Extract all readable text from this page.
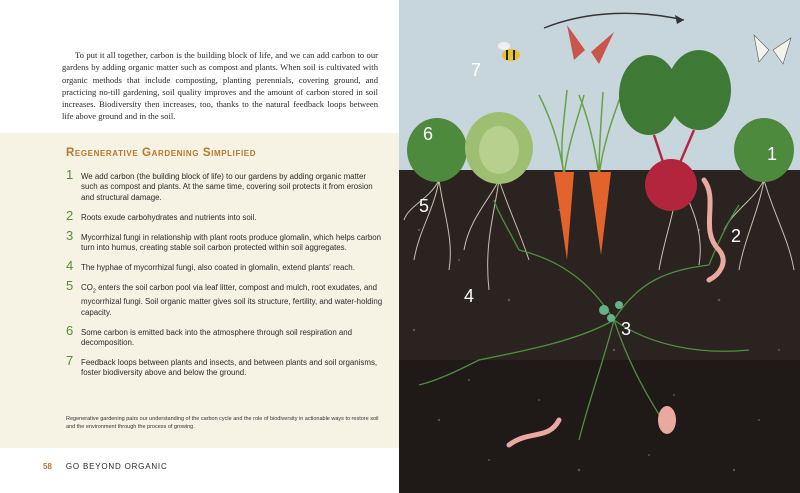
To put it all together, carbon is the building block of life, and we can add carbon to our gardens by adding organic matter such as compost and plants. When soil is cultivated with organic methods that include composting, planting perennials, covering ground, and practicing no-till gardening, soil quality improves and the amount of carbon stored in soil increases. Biodiversity then increases, too, thanks to the natural feedback loops between life above ground and in the soil.

Regenerative Gardening Simplified
1 We add carbon (the building block of life) to our gardens by adding organic matter such as compost and plants. At the same time, covering soil protects it from erosion and structural damage.
2 Roots exude carbohydrates and nutrients into soil.
3 Mycorrhizal fungi in relationship with plant roots produce glomalin, which helps carbon turn into humus, creating stable soil carbon protected within soil aggregates.
4 The hyphae of mycorrhizal fungi, also coated in glomalin, extend plants' reach.
5 $CO_2$ enters the soil carbon pool via leaf litter, compost and mulch, root exudates, and mycorrhizal fungi. Soil organic matter gives soil its structure, fertility, and water-holding capacity.
6 Some carbon is emitted back into the atmosphere through soil respiration and decomposition.
7 Feedback loops between plants and insects, and between plants and soil organisms, foster biodiversity above and below the ground.
Regenerative gardening pairs our understanding of the carbon cycle and the role of biodiversity in actionable ways to restore soil and the environment through the process of growing.
58 GO BEYOND ORGANIC
1
2
3
4
5
6
7
